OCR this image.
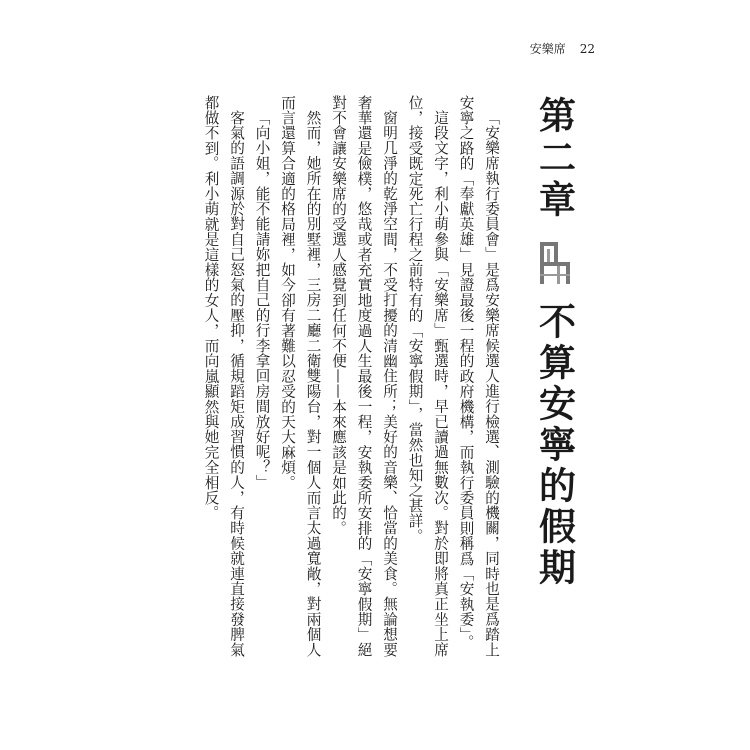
安樂席 22
第二章
不算安寧的假期

「安樂席執行委員會」是爲安樂席候選人進行檢選、測驗的機關，同時也是爲踏上安寧之路的「奉獻英雄」見證最後一程的政府機構，而執行委員則稱爲「安執委」。

這段文字，利小萌參與「安樂席」甄選時，早已讀過無數次。對於即將真正坐上席位，接受既定死亡行程之前特有的「安寧假期」，當然也知之甚詳。

窗明几淨的乾淨空間，不受打擾的清幽住所；美好的音樂、恰當的美食。無論想要奢華還是儉樸，悠哉或者充實地度過人生最後一程，安執委所安排的「安寧假期」絕對不會讓安樂席的受選人感覺到任何不便——本來應該是如此的。

然而，她所在的別墅裡，三房二廳二衛雙陽台，對一個人而言太過寬敞，對兩個人而言還算合適的格局裡，如今卻有著難以忍受的天大麻煩。

「向小姐，能不能請妳把自己的行李拿回房間放好呢？」

客氣的語調源於對自己怒氣的壓抑，循規蹈矩成習慣的人，有時候就連直接發脾氣都做不到。利小萌就是這樣的女人，而向嵐顯然與她完全相反。
